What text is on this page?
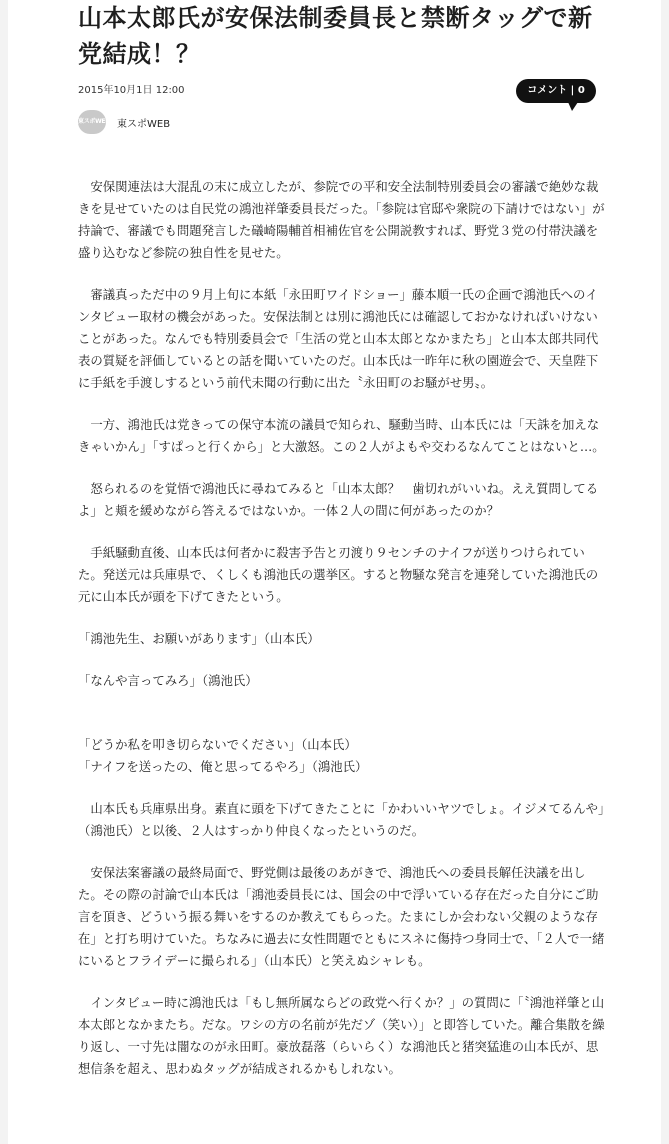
山本太郎氏が安保法制委員長と禁断タッグで新党結成！？
2015年10月1日 12:00	コメント | 0
東スポWEB 東スポWEB

安保関連法は大混乱の末に成立したが、参院での平和安全法制特別委員会の審議で絶妙な裁きを見せていたのは自民党の鴻池祥肇委員長だった。「参院は官邸や衆院の下請けではない」が持論で、審議でも問題発言した礒崎陽輔首相補佐官を公開説教すれば、野党３党の付帯決議を盛り込むなど参院の独自性を見せた。

審議真っただ中の９月上旬に本紙「永田町ワイドショー」藤本順一氏の企画で鴻池氏へのインタビュー取材の機会があった。安保法制とは別に鴻池氏には確認しておかなければいけないことがあった。なんでも特別委員会で「生活の党と山本太郎となかまたち」と山本太郎共同代表の質疑を評価しているとの話を聞いていたのだ。山本氏は一昨年に秋の園遊会で、天皇陛下に手紙を手渡しするという前代未聞の行動に出た〝永田町のお騒がせ男〟。

一方、鴻池氏は党きっての保守本流の議員で知られ、騒動当時、山本氏には「天誅を加えなきゃいかん」「すぱっと行くから」と大激怒。この２人がよもや交わるなんてことはないと…。

怒られるのを覚悟で鴻池氏に尋ねてみると「山本太郎？　歯切れがいいね。ええ質問してるよ」と頬を緩めながら答えるではないか。一体２人の間に何があったのか？

手紙騒動直後、山本氏は何者かに殺害予告と刃渡り９センチのナイフが送りつけられていた。発送元は兵庫県で、くしくも鴻池氏の選挙区。すると物騒な発言を連発していた鴻池氏の元に山本氏が頭を下げてきたという。

「鴻池先生、お願いがあります」（山本氏）

「なんや言ってみろ」（鴻池氏）

「どうか私を叩き切らないでください」（山本氏）

「ナイフを送ったの、俺と思ってるやろ」（鴻池氏）

山本氏も兵庫県出身。素直に頭を下げてきたことに「かわいいヤツでしょ。イジメてるんや」（鴻池氏）と以後、２人はすっかり仲良くなったというのだ。

安保法案審議の最終局面で、野党側は最後のあがきで、鴻池氏への委員長解任決議を出した。その際の討論で山本氏は「鴻池委員長には、国会の中で浮いている存在だった自分にご助言を頂き、どういう振る舞いをするのか教えてもらった。たまにしか会わない父親のような存在」と打ち明けていた。ちなみに過去に女性問題でともにスネに傷持つ身同士で、「２人で一緒にいるとフライデーに撮られる」（山本氏）と笑えぬシャレも。

インタビュー時に鴻池氏は「もし無所属ならどの政党へ行くか？」の質問に「〝鴻池祥肇と山本太郎となかまたち。だな。ワシの方の名前が先だゾ（笑い）」と即答していた。離合集散を繰り返し、一寸先は闇なのが永田町。豪放磊落（らいらく）な鴻池氏と猪突猛進の山本氏が、思想信条を超え、思わぬタッグが結成されるかもしれない。
